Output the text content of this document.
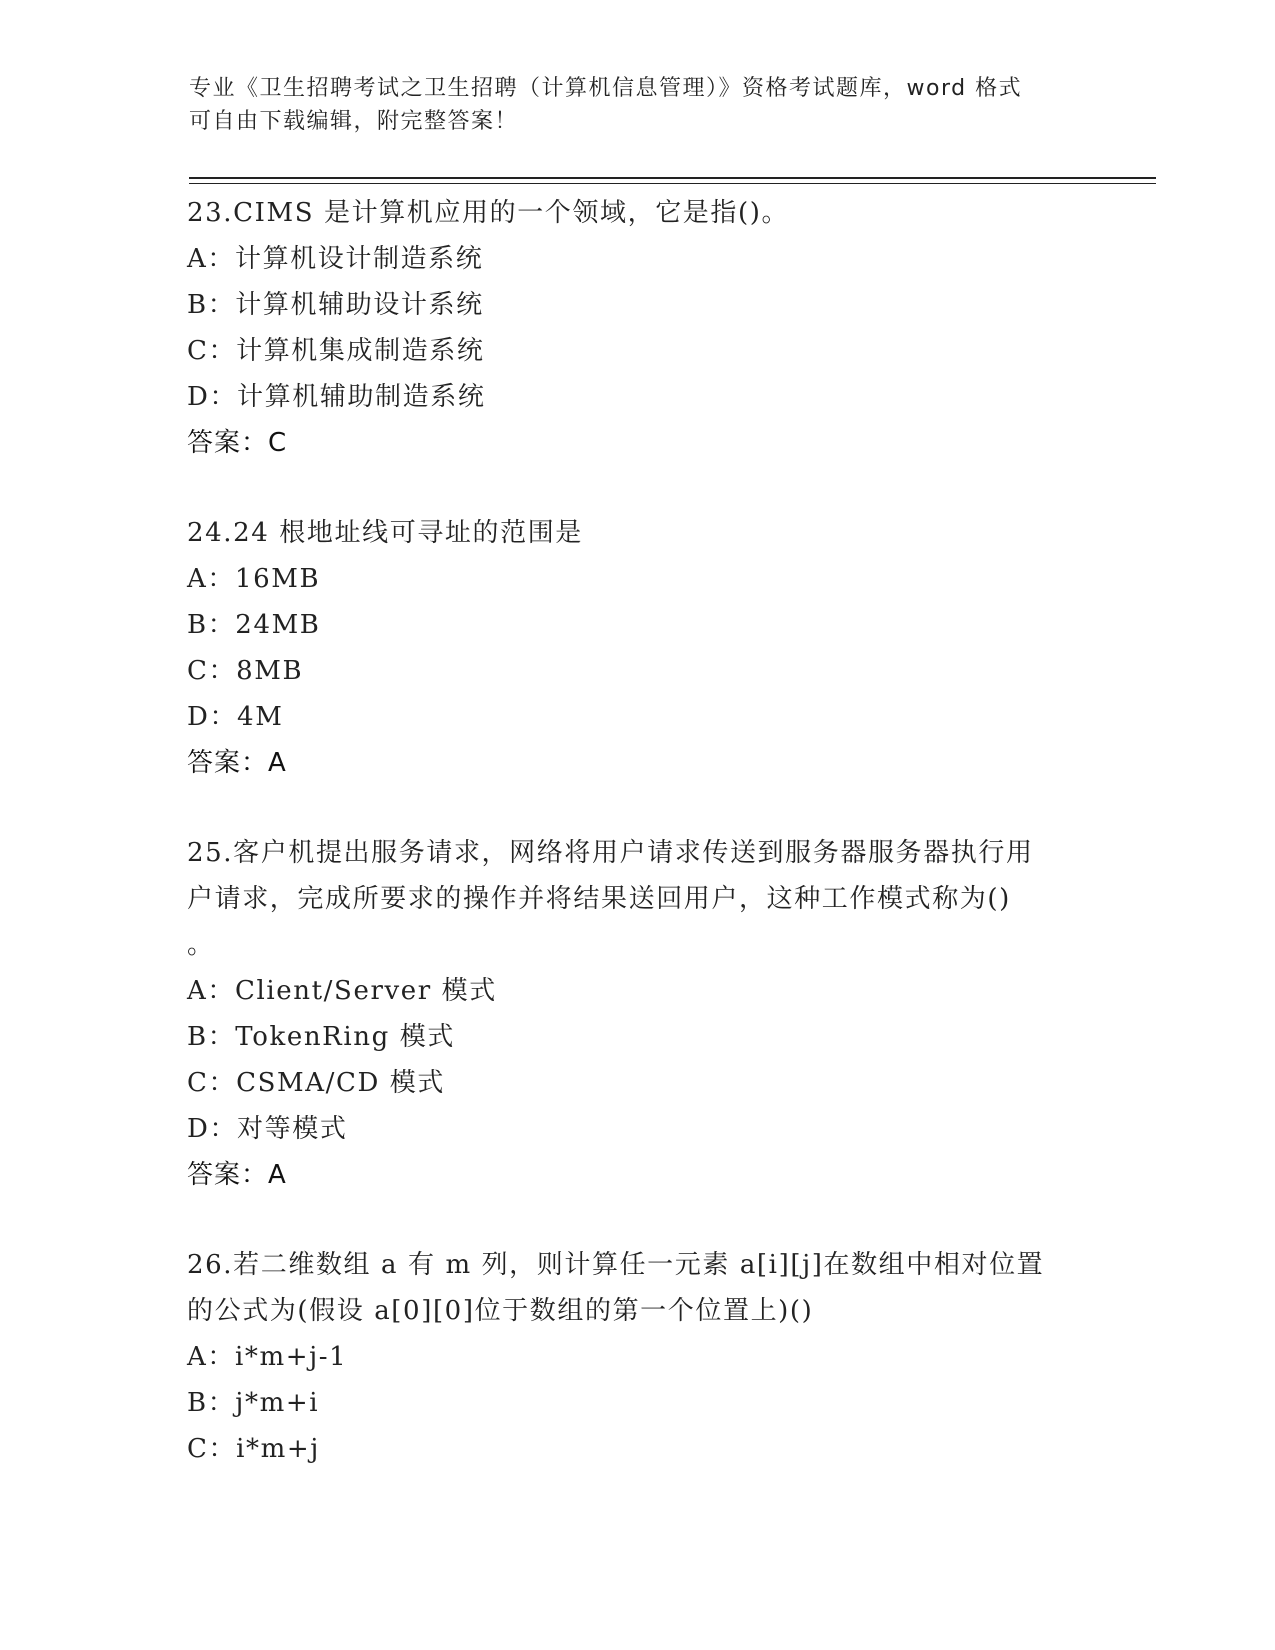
专业《卫生招聘考试之卫生招聘（计算机信息管理）》资格考试题库，word 格式
可自由下载编辑，附完整答案！
23.CIMS 是计算机应用的一个领域，它是指()。
A：计算机设计制造系统
B：计算机辅助设计系统
C：计算机集成制造系统
D：计算机辅助制造系统
答案：C
24.24 根地址线可寻址的范围是
A：16MB
B：24MB
C：8MB
D：4M
答案：A
25.客户机提出服务请求，网络将用户请求传送到服务器服务器执行用
户请求，完成所要求的操作并将结果送回用户，这种工作模式称为()
。
A：Client/Server 模式
B：TokenRing 模式
C：CSMA/CD 模式
D：对等模式
答案：A
26.若二维数组 a 有 m 列，则计算任一元素 a[i][j]在数组中相对位置
的公式为(假设 a[0][0]位于数组的第一个位置上)()
A：i*m+j-1
B：j*m+i
C：i*m+j
